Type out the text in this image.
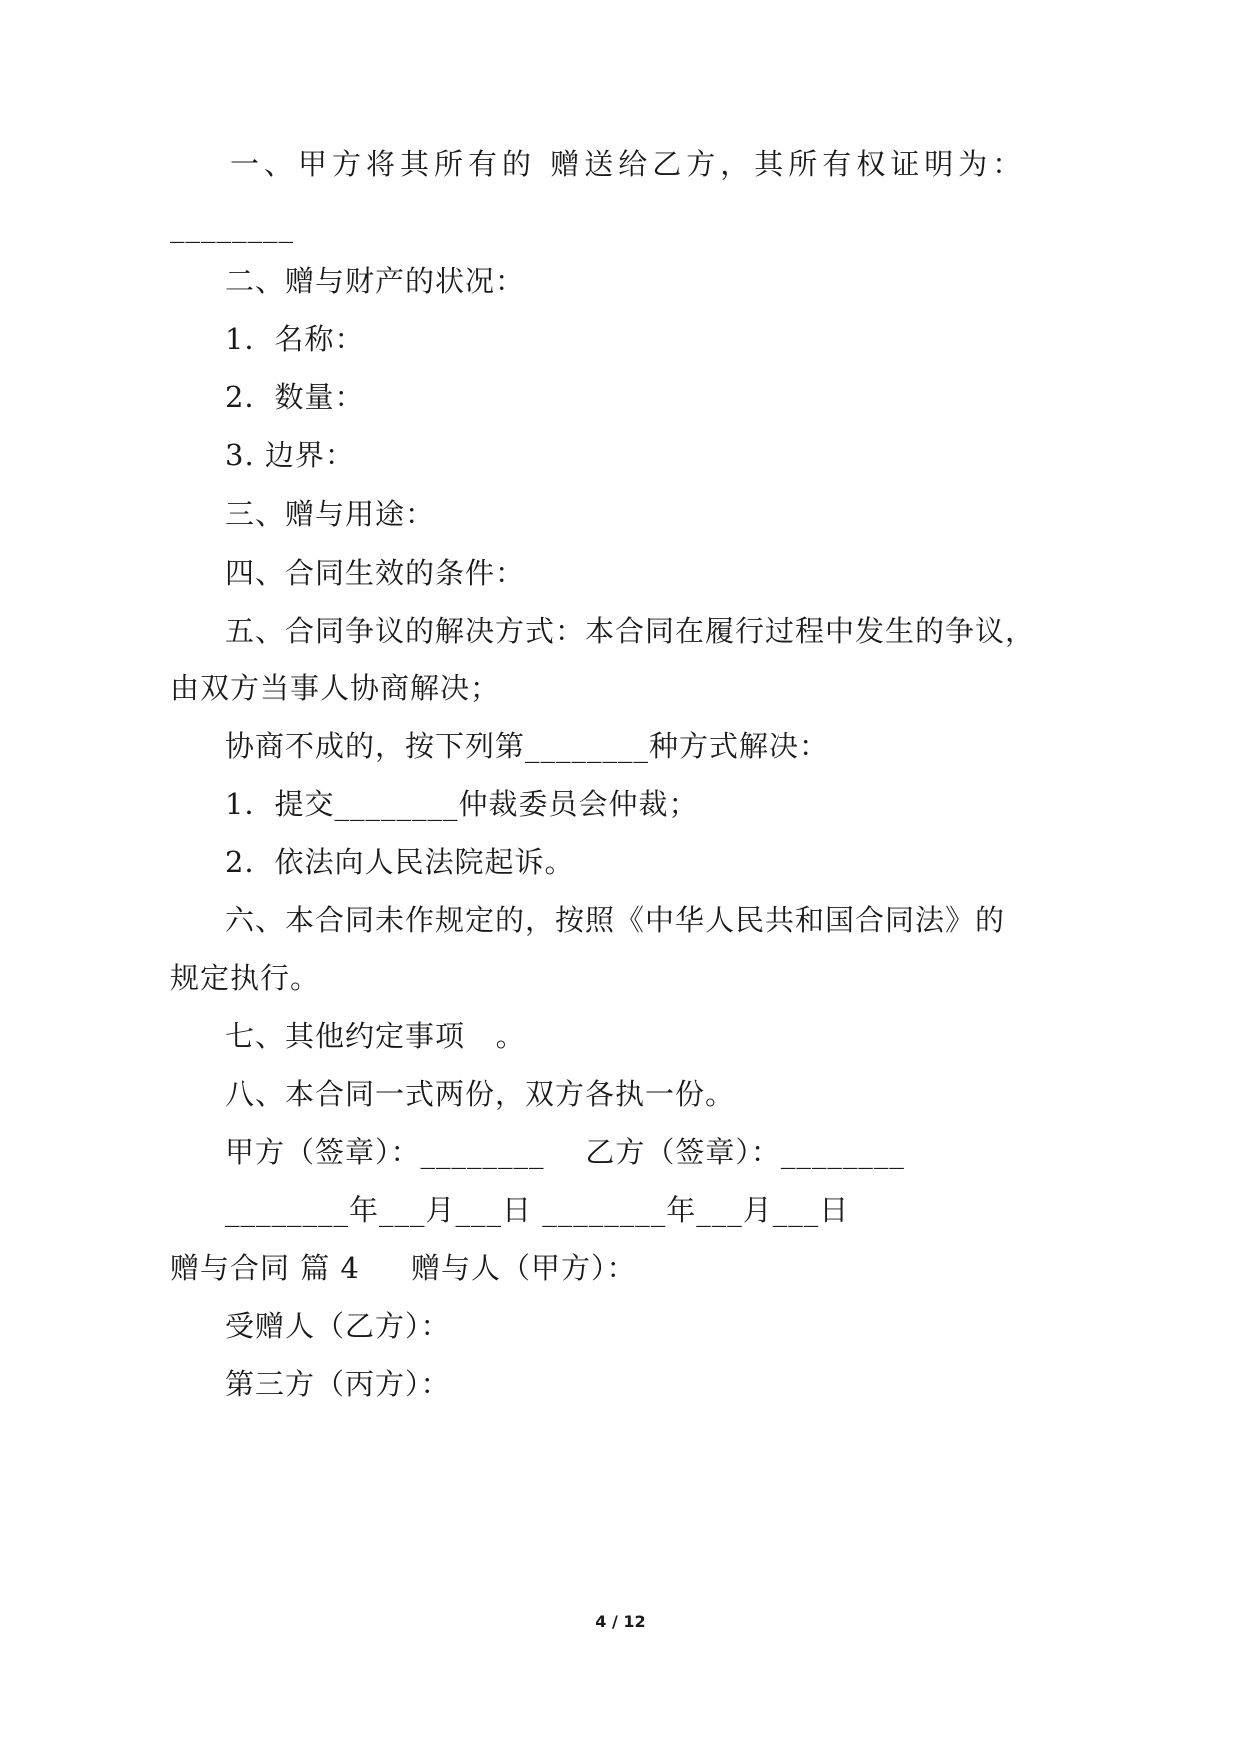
一、甲方将其所有的 赠送给乙方，其所有权证明为：
________
二、赠与财产的状况：
1．名称：
2．数量：
3. 边界：
三、赠与用途：
四、合同生效的条件：
五、合同争议的解决方式：本合同在履行过程中发生的争议，
由双方当事人协商解决；
协商不成的，按下列第________种方式解决：
1．提交________仲裁委员会仲裁；
2．依法向人民法院起诉。
六、本合同未作规定的，按照《中华人民共和国合同法》的
规定执行。
七、其他约定事项   。
八、本合同一式两份，双方各执一份。
甲方（签章）：________    乙方（签章）：________
________年___月___日 ________年___月___日
赠与合同 篇 4     赠与人（甲方）：
受赠人（乙方）：
第三方（丙方）：
4 / 12
